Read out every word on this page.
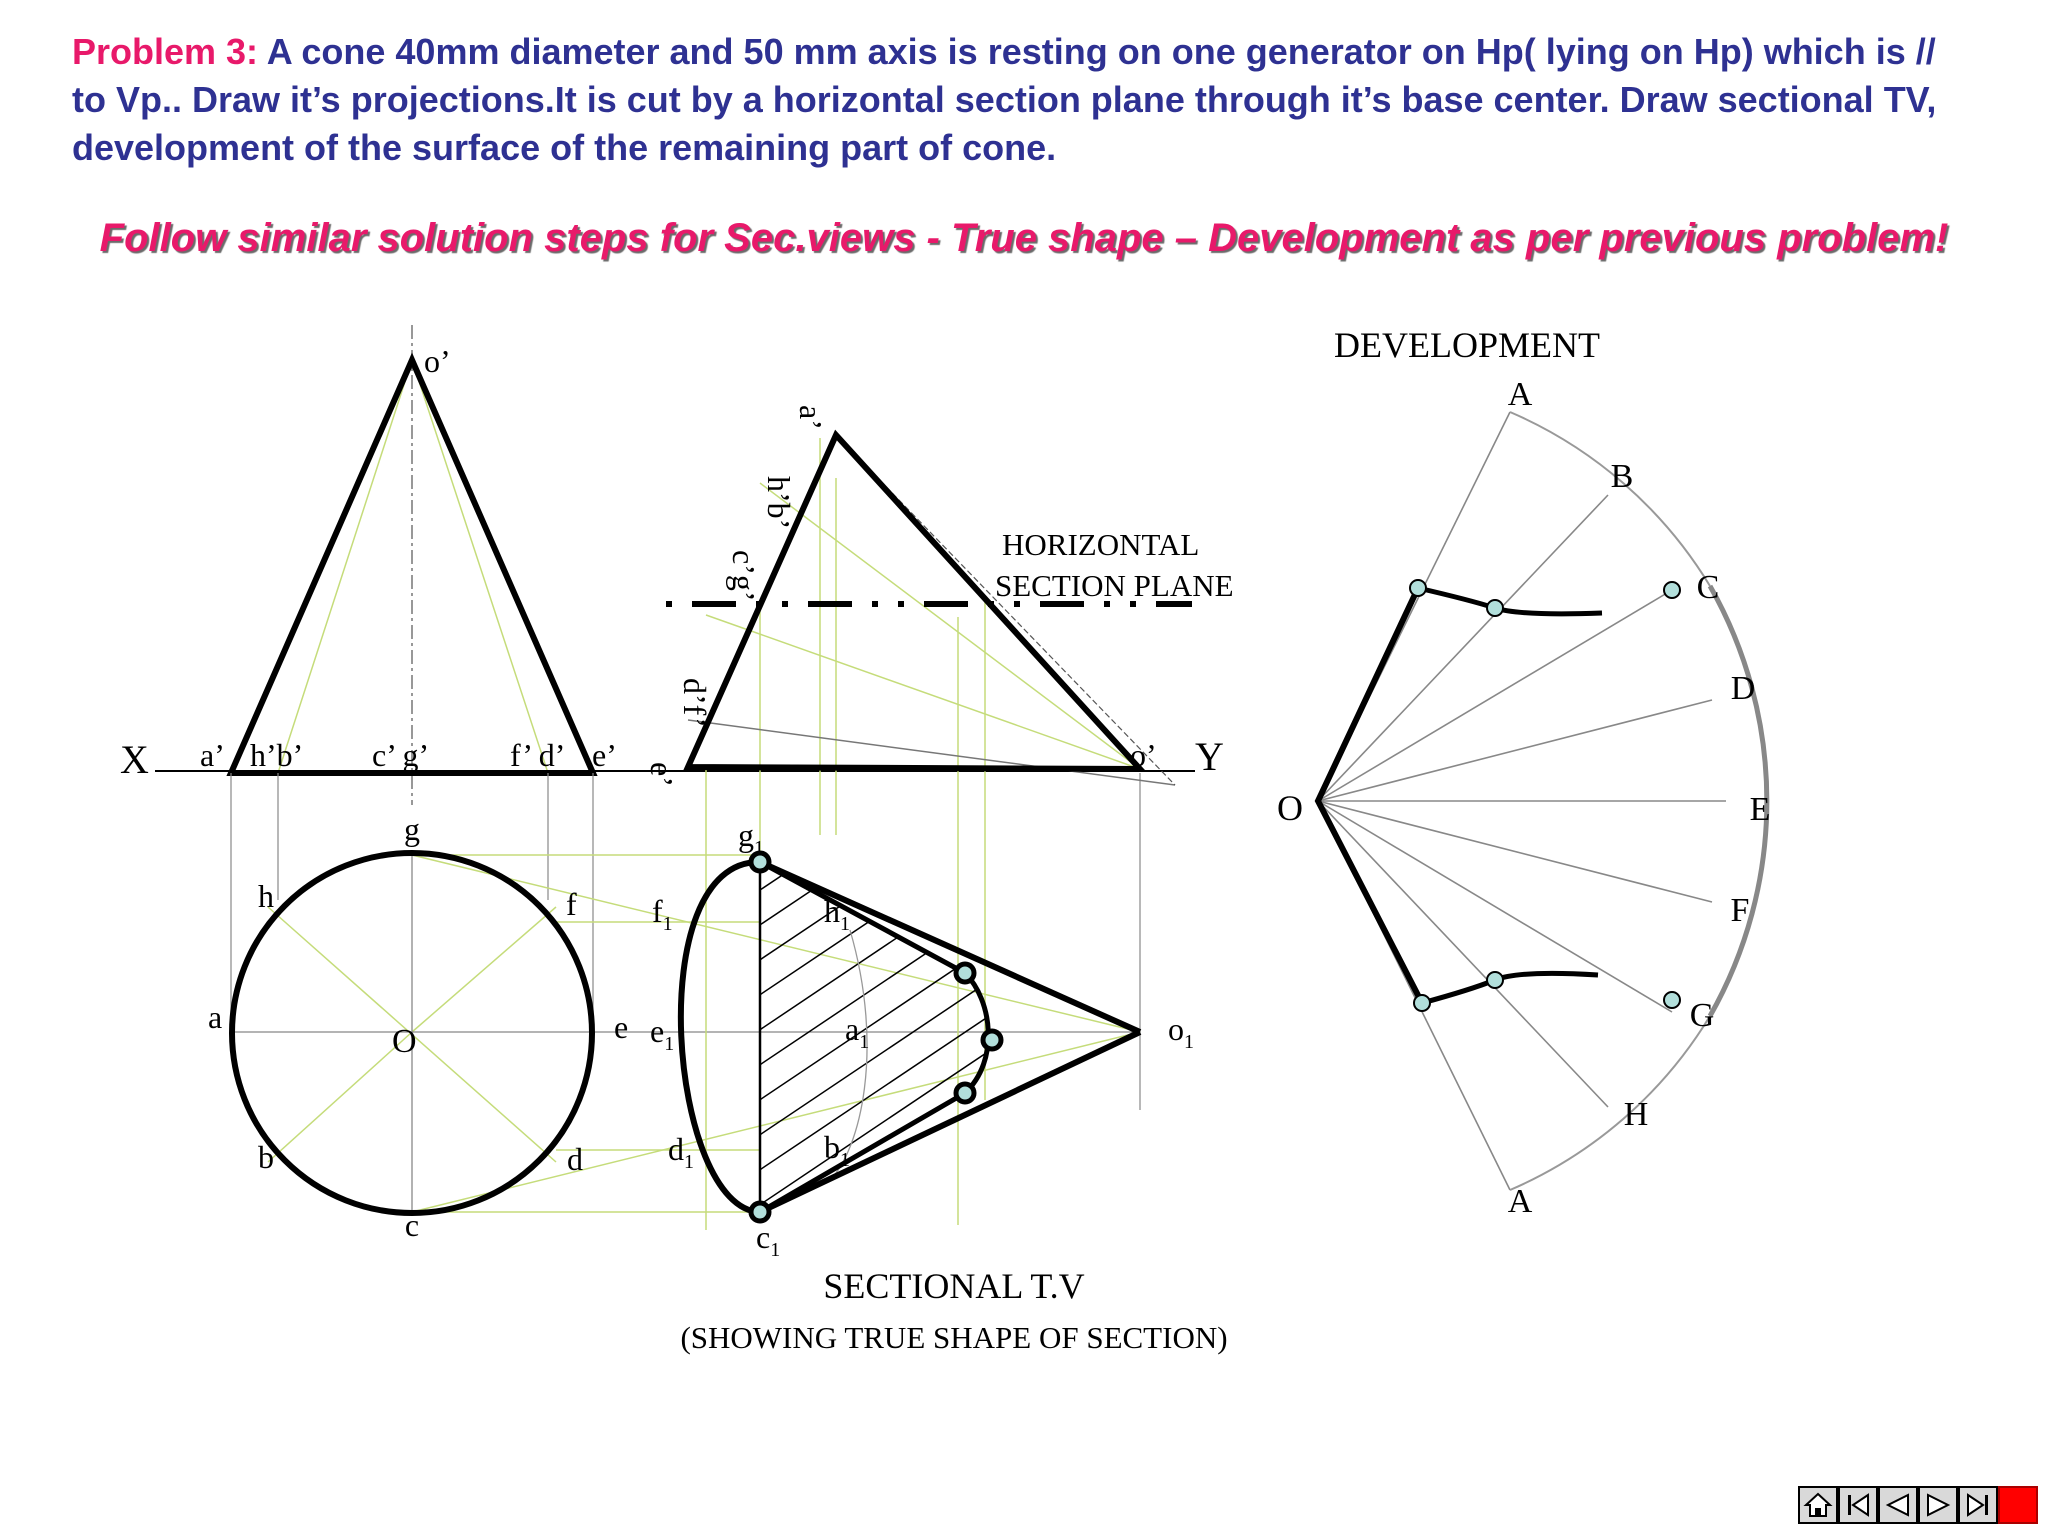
Problem 3: A cone 40mm diameter and 50 mm axis is resting on one generator on Hp( lying on Hp) which is // to Vp.. Draw it’s projections.It is cut by a horizontal section plane through it’s base center. Draw sectional TV, development of the surface of the remaining part of cone.
Follow similar solution steps for Sec.views - True shape – Development as per previous problem!
o’
a’ h’b’ c’ g’	f’ d’ e’
X	Y
g
h	f
a
O	e
b	d
c
a’
h’b’
c’g’
d’f’
e’
o’
HORIZONTAL
SECTION PLANE
$g_1$
$h_1$
$f_1$
$e_1$	$a_1$
$d_1$	$b_1$
$c_1$
$o_1$
SECTIONAL T.V
(SHOWING TRUE SHAPE OF SECTION)
DEVELOPMENT
O
A
B
C
D
E
F
G
H
A
